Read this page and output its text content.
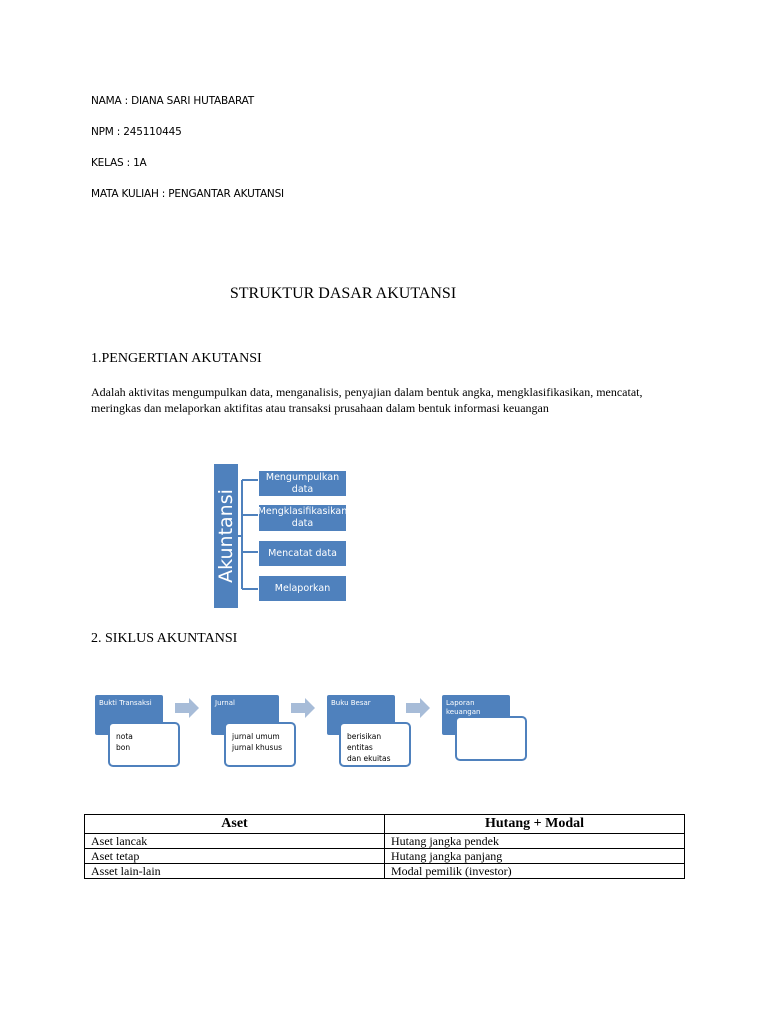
NAMA : DIANA SARI HUTABARAT
NPM : 245110445
KELAS : 1A
MATA KULIAH : PENGANTAR AKUTANSI
STRUKTUR DASAR AKUTANSI
1.PENGERTIAN AKUTANSI
Adalah aktivitas mengumpulkan data, menganalisis, penyajian dalam bentuk angka, mengklasifikasikan, mencatat, meringkas dan melaporkan aktifitas atau transaksi prusahaan dalam bentuk informasi keuangan
Akuntansi
Mengumpulkan
data
Mengklasifikasikan
data
Mencatat data
Melaporkan
2. SIKLUS AKUNTANSI
Bukti Transaksi
nota
bon
Jurnal
jurnal umum
jurnal khusus
Buku Besar
berisikan entitas
dan ekuitas
Laporan keuangan
Aset	Hutang + Modal
Aset lancak	Hutang jangka pendek
Aset tetap	Hutang jangka panjang
Asset lain-lain	Modal pemilik (investor)
